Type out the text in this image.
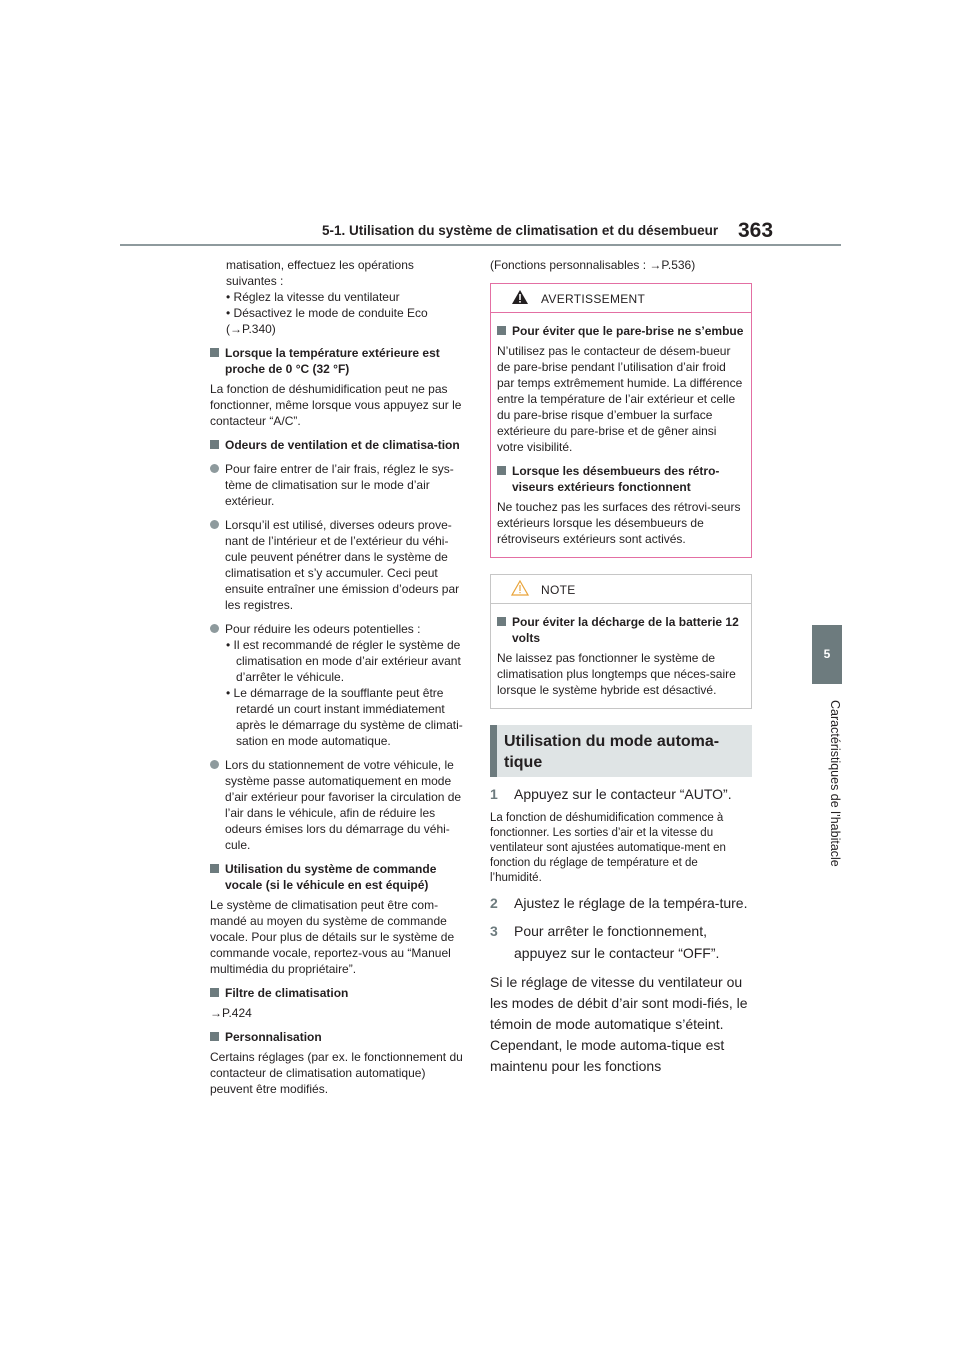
5-1. Utilisation du système de climatisation et du désembueur 363
5
Caractéristiques de l’habitacle

matisation, effectuez les opérations

suivantes :

• Réglez la vitesse du ventilateur

• Désactivez le mode de conduite Eco

(→P.340)

Lorsque la température extérieure est proche de 0 °C (32 °F)

La fonction de déshumidification peut ne pas fonctionner, même lorsque vous appuyez sur le contacteur “A/C”.

Odeurs de ventilation et de climatisa-tion

Pour faire entrer de l’air frais, réglez le sys-tème de climatisation sur le mode d’air extérieur.

Lorsqu’il est utilisé, diverses odeurs prove-nant de l’intérieur et de l’extérieur du véhi-cule peuvent pénétrer dans le système de climatisation et s’y accumuler. Ceci peut ensuite entraîner une émission d’odeurs par les registres.

Pour réduire les odeurs potentielles :

• Il est recommandé de régler le système de climatisation en mode d’air extérieur avant d’arrêter le véhicule.

• Le démarrage de la soufflante peut être retardé un court instant immédiatement après le démarrage du système de climati-sation en mode automatique.

Lors du stationnement de votre véhicule, le système passe automatiquement en mode d’air extérieur pour favoriser la circulation de l’air dans le véhicule, afin de réduire les odeurs émises lors du démarrage du véhi-cule.

Utilisation du système de commande vocale (si le véhicule en est équipé)

Le système de climatisation peut être com-mandé au moyen du système de commande vocale. Pour plus de détails sur le système de commande vocale, reportez-vous au “Manuel multimédia du propriétaire”.

Filtre de climatisation

→P.424

Personnalisation

Certains réglages (par ex. le fonctionnement du contacteur de climatisation automatique) peuvent être modifiés.

(Fonctions personnalisables : →P.536)

AVERTISSEMENT

Pour éviter que le pare-brise ne s’embue

N’utilisez pas le contacteur de désem-bueur de pare-brise pendant l’utilisation d’air froid par temps extrêmement humide. La différence entre la température de l’air extérieur et celle du pare-brise risque d’embuer la surface extérieure du pare-brise et de gêner ainsi votre visibilité.

Lorsque les désembueurs des rétro-viseurs extérieurs fonctionnent

Ne touchez pas les surfaces des rétrovi-seurs extérieurs lorsque les désembueurs de rétroviseurs extérieurs sont activés.

NOTE

Pour éviter la décharge de la batterie 12 volts

Ne laissez pas fonctionner le système de climatisation plus longtemps que néces-saire lorsque le système hybride est désactivé.

Utilisation du mode automa-tique

1 Appuyez sur le contacteur “AUTO”.

La fonction de déshumidification commence à fonctionner. Les sorties d’air et la vitesse du ventilateur sont ajustées automatique-ment en fonction du réglage de température et de l’humidité.

2 Ajustez le réglage de la tempéra-ture.

3 Pour arrêter le fonctionnement, appuyez sur le contacteur “OFF”.

Si le réglage de vitesse du ventilateur ou les modes de débit d’air sont modi-fiés, le témoin de mode automatique s’éteint. Cependant, le mode automa-tique est maintenu pour les fonctions
